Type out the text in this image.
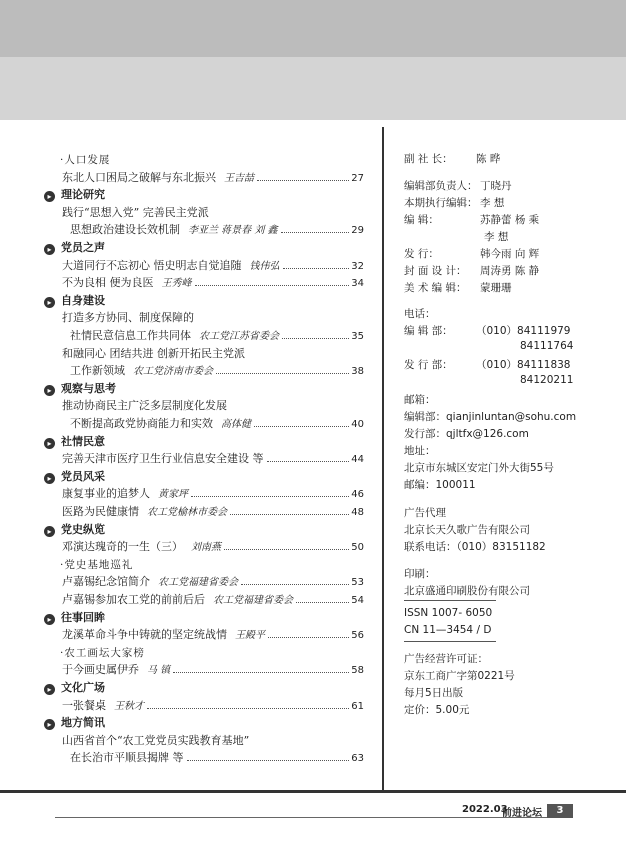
·人口发展
东北人口困局之破解与东北振兴 王吉喆	27
▸ 理论研究
践行“思想入党” 完善民主党派
思想政治建设长效机制 李亚兰 蒋景春 刘 鑫	29
▸ 党员之声
大道同行不忘初心 悟史明志自觉追随 钱伟弘	32
不为良相 便为良医 王秀峰	34
▸ 自身建设
打造多方协同、制度保障的
社情民意信息工作共同体 农工党江苏省委会	35
和融同心 团结共进 创新开拓民主党派
工作新领域 农工党济南市委会	38
▸ 观察与思考
推动协商民主广泛多层制度化发展
不断提高政党协商能力和实效 高体健	40
▸ 社情民意
完善天津市医疗卫生行业信息安全建设 等	44
▸ 党员风采
康复事业的追梦人 黄家坪	46
医路为民健康情 农工党榆林市委会	48
▸ 党史纵览
邓演达瑰奇的一生（三） 刘南燕	50
·党史基地巡礼
卢嘉锡纪念馆简介 农工党福建省委会	53
卢嘉锡参加农工党的前前后后 农工党福建省委会	54
▸ 往事回眸
龙溪革命斗争中铸就的坚定统战情 王殿平	56
·农工画坛大家榜
于今画史属伊乔 马 镇	58
▸ 文化广场
一张餐桌 王秋才	61
▸ 地方简讯
山西省首个“农工党党员实践教育基地”
在长治市平顺县揭牌 等	63
副 社 长： 陈 晔
编辑部负责人： 丁晓丹
本期执行编辑： 李 想
编 辑：	苏静蕾 杨 乘
李 想
发 行：	韩今雨 向 辉
封 面 设 计： 周涛勇 陈 静
美 术 编 辑： 蒙珊珊
电话：
编 辑 部： （010）84111979
84111764
发 行 部： （010）84111838
84120211
邮箱：
编辑部：qianjinluntan@sohu.com
发行部：qjltfx@126.com
地址：
北京市东城区安定门外大街55号
邮编：100011
广告代理
北京长天久歌广告有限公司
联系电话：（010）83151182
印刷：
北京盛通印刷股份有限公司
ISSN 1007- 6050
CN 11—3454 / D
广告经营许可证：
京东工商广字第0221号
每月5日出版
定价：5.00元
2022.03
前进论坛	3
